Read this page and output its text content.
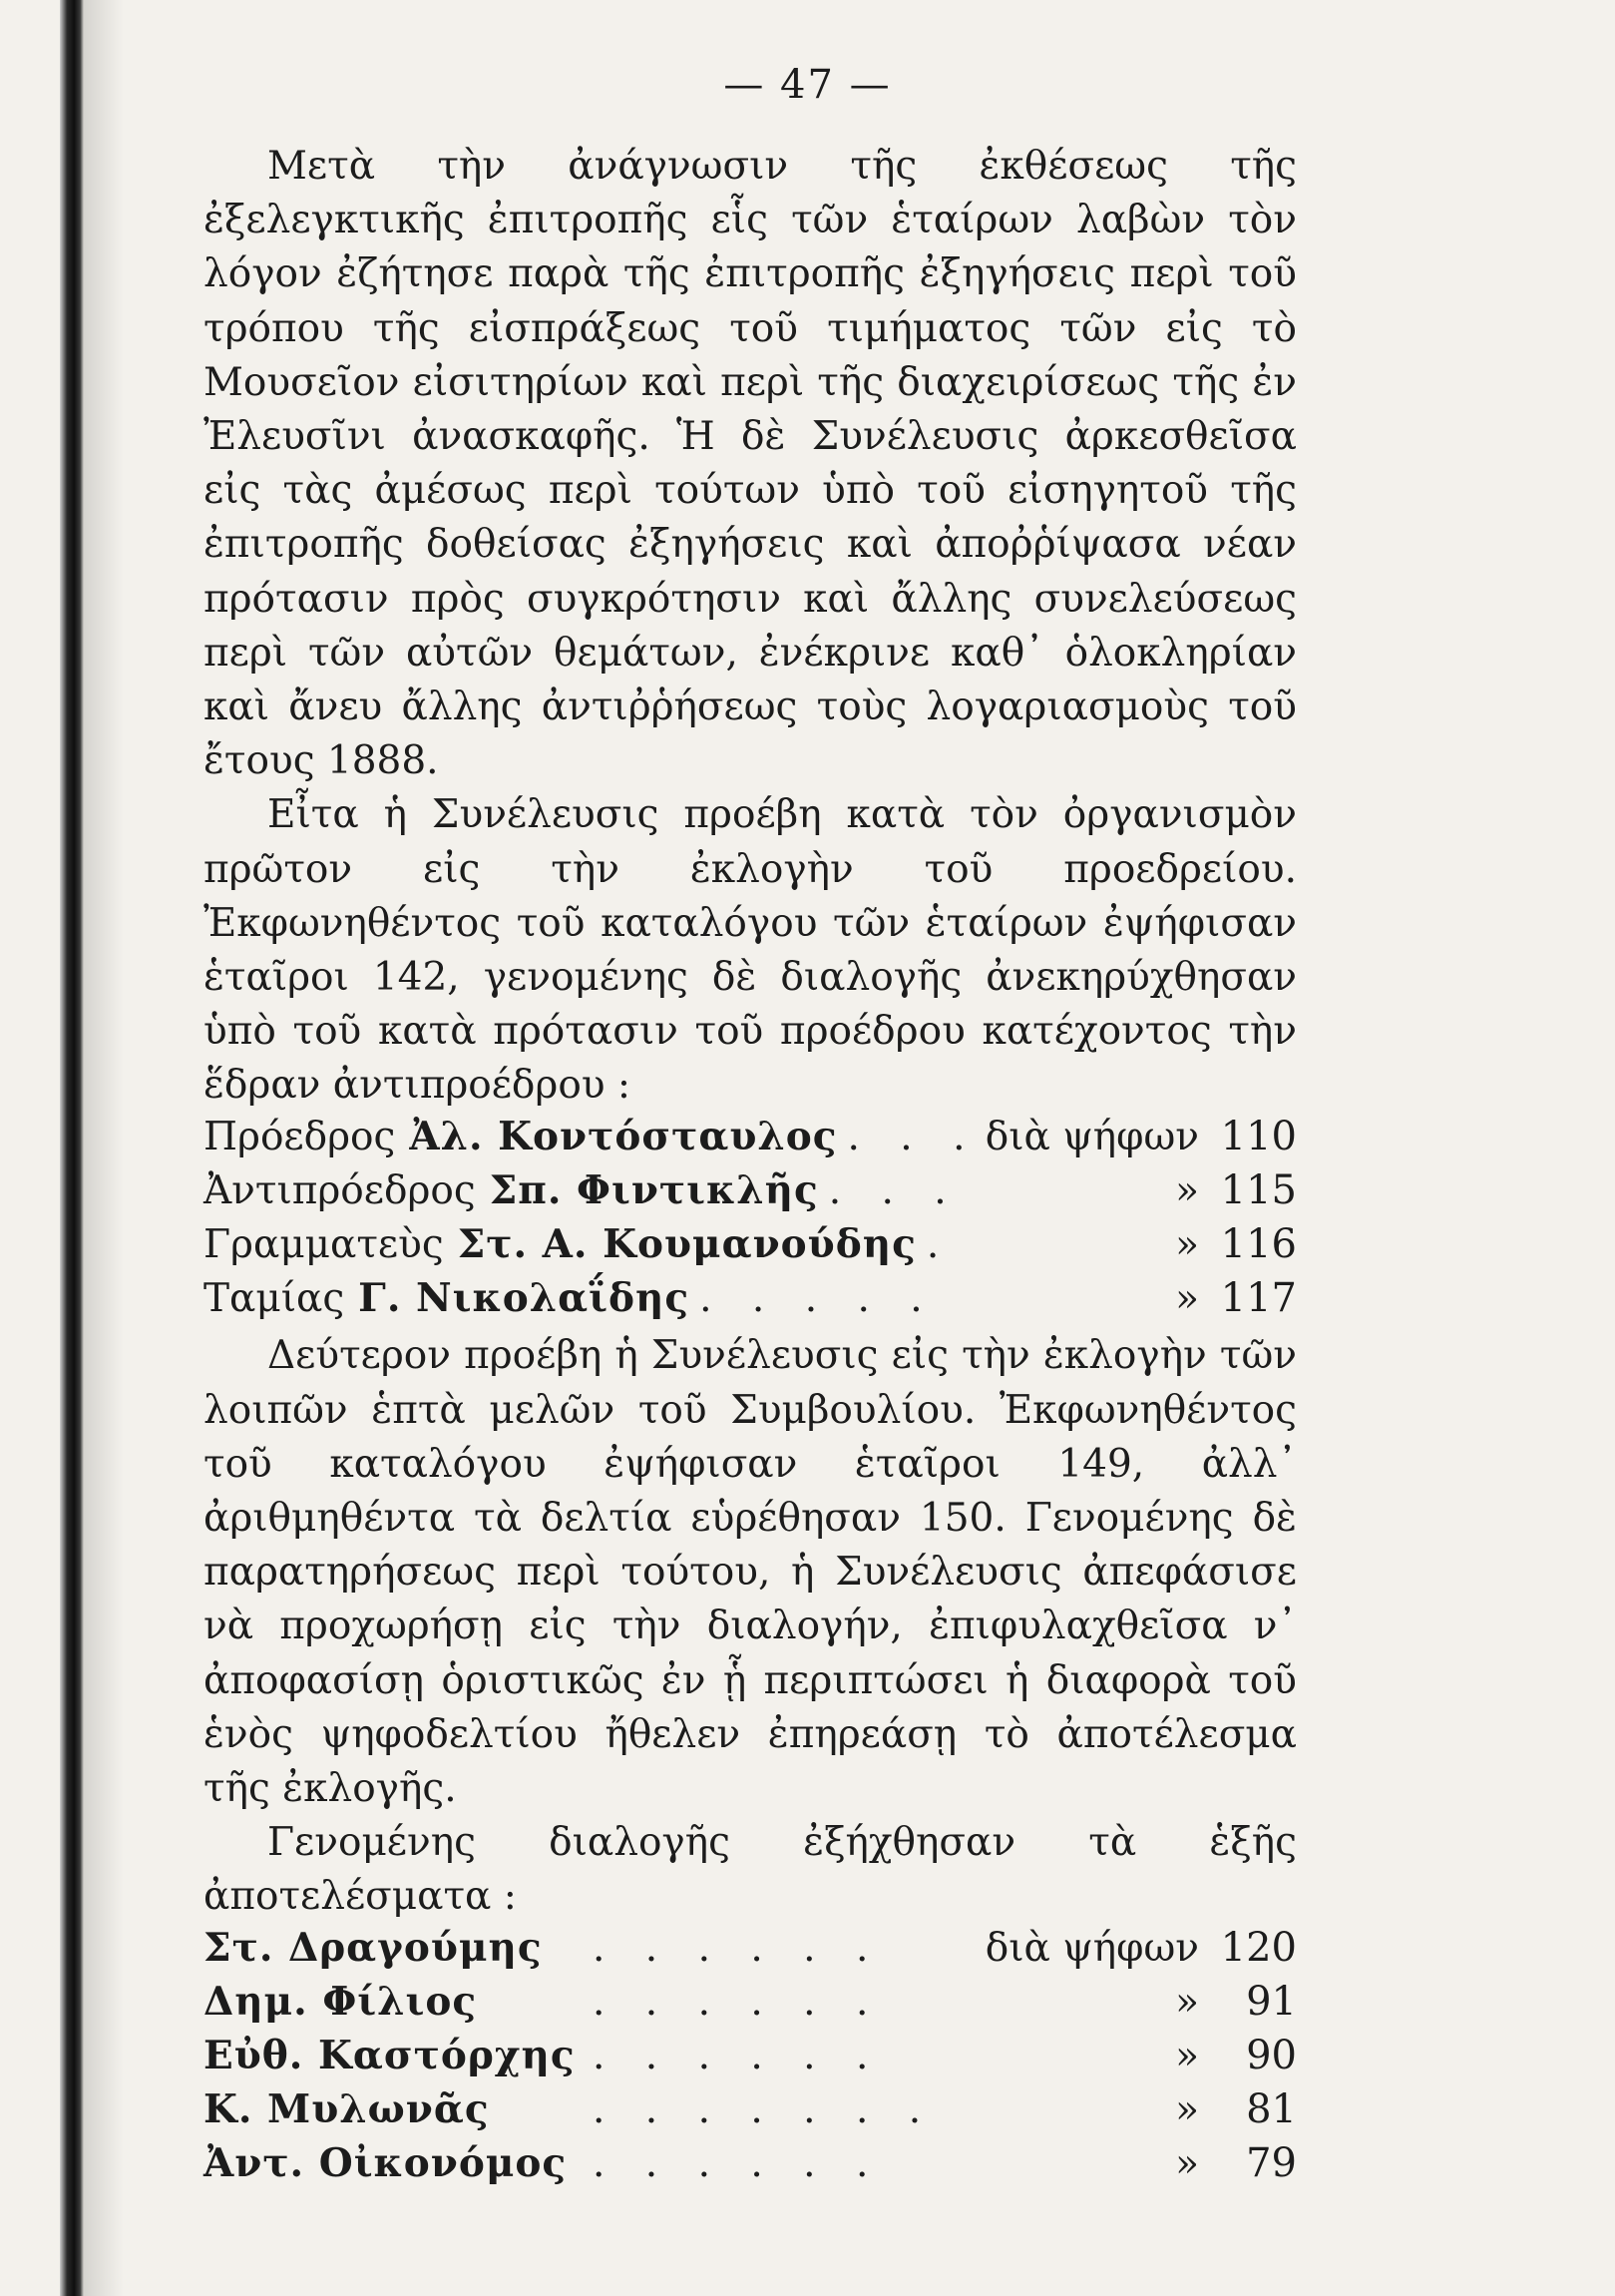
— 47 —

Μετὰ τὴν ἀνάγνωσιν τῆς ἐκθέσεως τῆς ἐξελεγκτικῆς ἐπιτροπῆς εἷς τῶν ἑταίρων λαβὼν τὸν λόγον ἐζήτησε παρὰ τῆς ἐπιτροπῆς ἐξηγήσεις περὶ τοῦ τρόπου τῆς εἰσπράξεως τοῦ τιμήματος τῶν εἰς τὸ Μουσεῖον εἰσιτηρίων καὶ περὶ τῆς διαχειρίσεως τῆς ἐν Ἐλευσῖνι ἀνασκαφῆς. Ἡ δὲ Συνέλευσις ἀρκεσθεῖσα εἰς τὰς ἀμέσως περὶ τούτων ὑπὸ τοῦ εἰσηγητοῦ τῆς ἐπιτροπῆς δοθείσας ἐξηγήσεις καὶ ἀποῤῥίψασα νέαν πρότασιν πρὸς συγκρότησιν καὶ ἄλλης συνελεύσεως περὶ τῶν αὐτῶν θεμάτων, ἐνέκρινε καθ᾽ ὁλοκληρίαν καὶ ἄνευ ἄλλης ἀντιῤῥήσεως τοὺς λογαριασμοὺς τοῦ ἔτους 1888.

Εἶτα ἡ Συνέλευσις προέβη κατὰ τὸν ὀργανισμὸν πρῶτον εἰς τὴν ἐκλογὴν τοῦ προεδρείου. Ἐκφωνηθέντος τοῦ καταλόγου τῶν ἑταίρων ἐψήφισαν ἑταῖροι 142, γενομένης δὲ διαλογῆς ἀνεκηρύχθησαν ὑπὸ τοῦ κατὰ πρότασιν τοῦ προέδρου κατέχοντος τὴν ἕδραν ἀντιπροέδρου :

Πρόεδρος Ἀλ. Κοντόσταυλος . . . διὰ ψήφων 110
Ἀντιπρόεδρος Σπ. Φιντικλῆς . . .	» 115
Γραμματεὺς Στ. Α. Κουμανούδης .	» 116
Ταμίας Γ. Νικολαΐδης . . . . .	» 117

Δεύτερον προέβη ἡ Συνέλευσις εἰς τὴν ἐκλογὴν τῶν λοιπῶν ἑπτὰ μελῶν τοῦ Συμβουλίου. Ἐκφωνηθέντος τοῦ καταλόγου ἐψήφισαν ἑταῖροι 149, ἀλλ᾽ ἀριθμηθέντα τὰ δελτία εὑρέθησαν 150. Γενομένης δὲ παρατηρήσεως περὶ τούτου, ἡ Συνέλευσις ἀπεφάσισε νὰ προχωρήσῃ εἰς τὴν διαλογήν, ἐπιφυλαχθεῖσα ν᾽ ἀποφασίσῃ ὁριστικῶς ἐν ᾗ περιπτώσει ἡ διαφορὰ τοῦ ἑνὸς ψηφοδελτίου ἤθελεν ἐπηρεάσῃ τὸ ἀποτέλεσμα τῆς ἐκλογῆς.

Γενομένης διαλογῆς ἐξήχθησαν τὰ ἑξῆς ἀποτελέσματα :

Στ. Δραγούμης	. . . . . .	διὰ ψήφων 120
Δημ. Φίλιος	. . . . . .	»	91
Εὐθ. Καστόρχης . . . . . .	»	90
Κ. Μυλωνᾶς	. . . . . . .	»	81
Ἀντ. Οἰκονόμος . . . . . .	»	79
